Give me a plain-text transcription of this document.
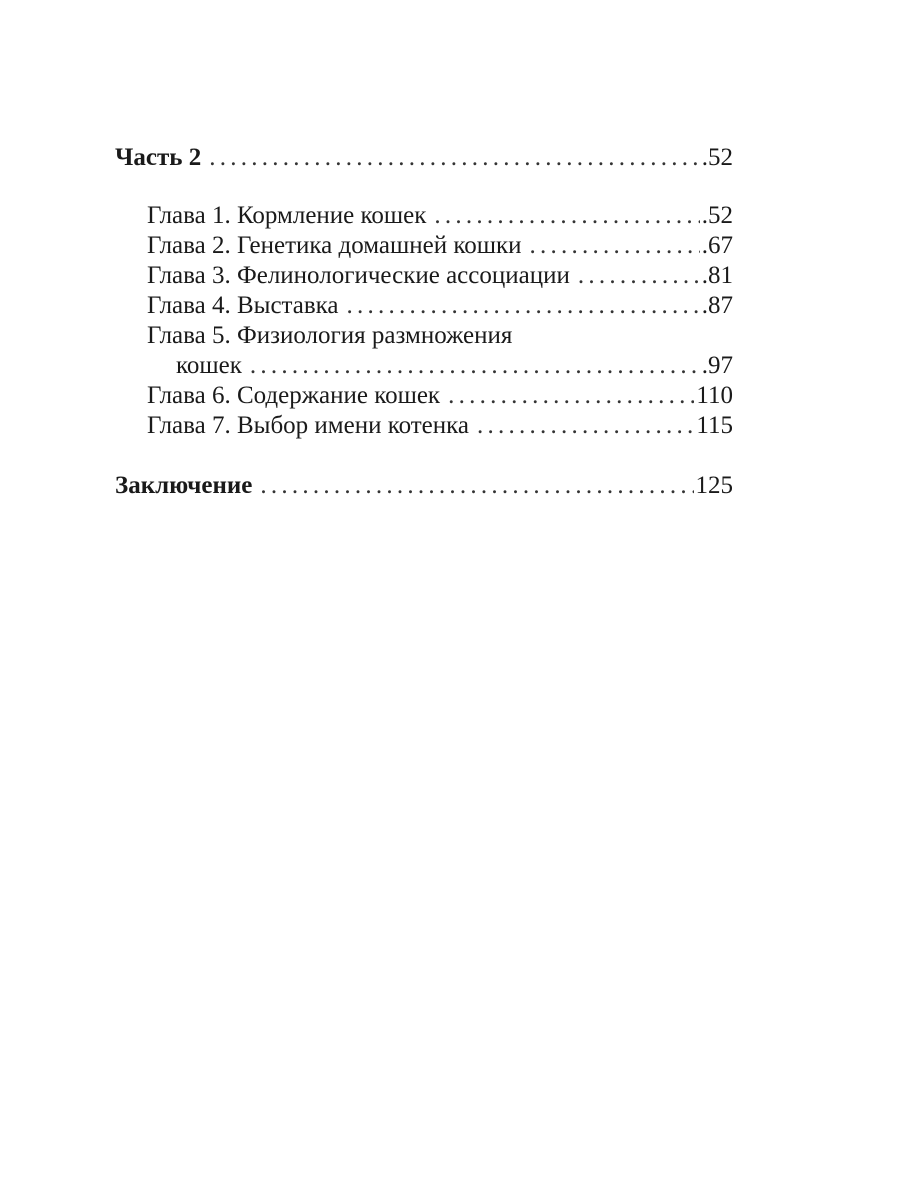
Часть 2 . . .	.52
Глава 1. Кормление кошек . . .	.52
Глава 2. Генетика домашней кошки . . .	.67
Глава 3. Фелинологические ассоциации . . .	.81
Глава 4. Выставка . . .	.87
Глава 5. Физиология размножения
кошек . . .	.97
Глава 6. Содержание кошек . . .	110
Глава 7. Выбор имени котенка . . .	115
Заключение . . .	125
